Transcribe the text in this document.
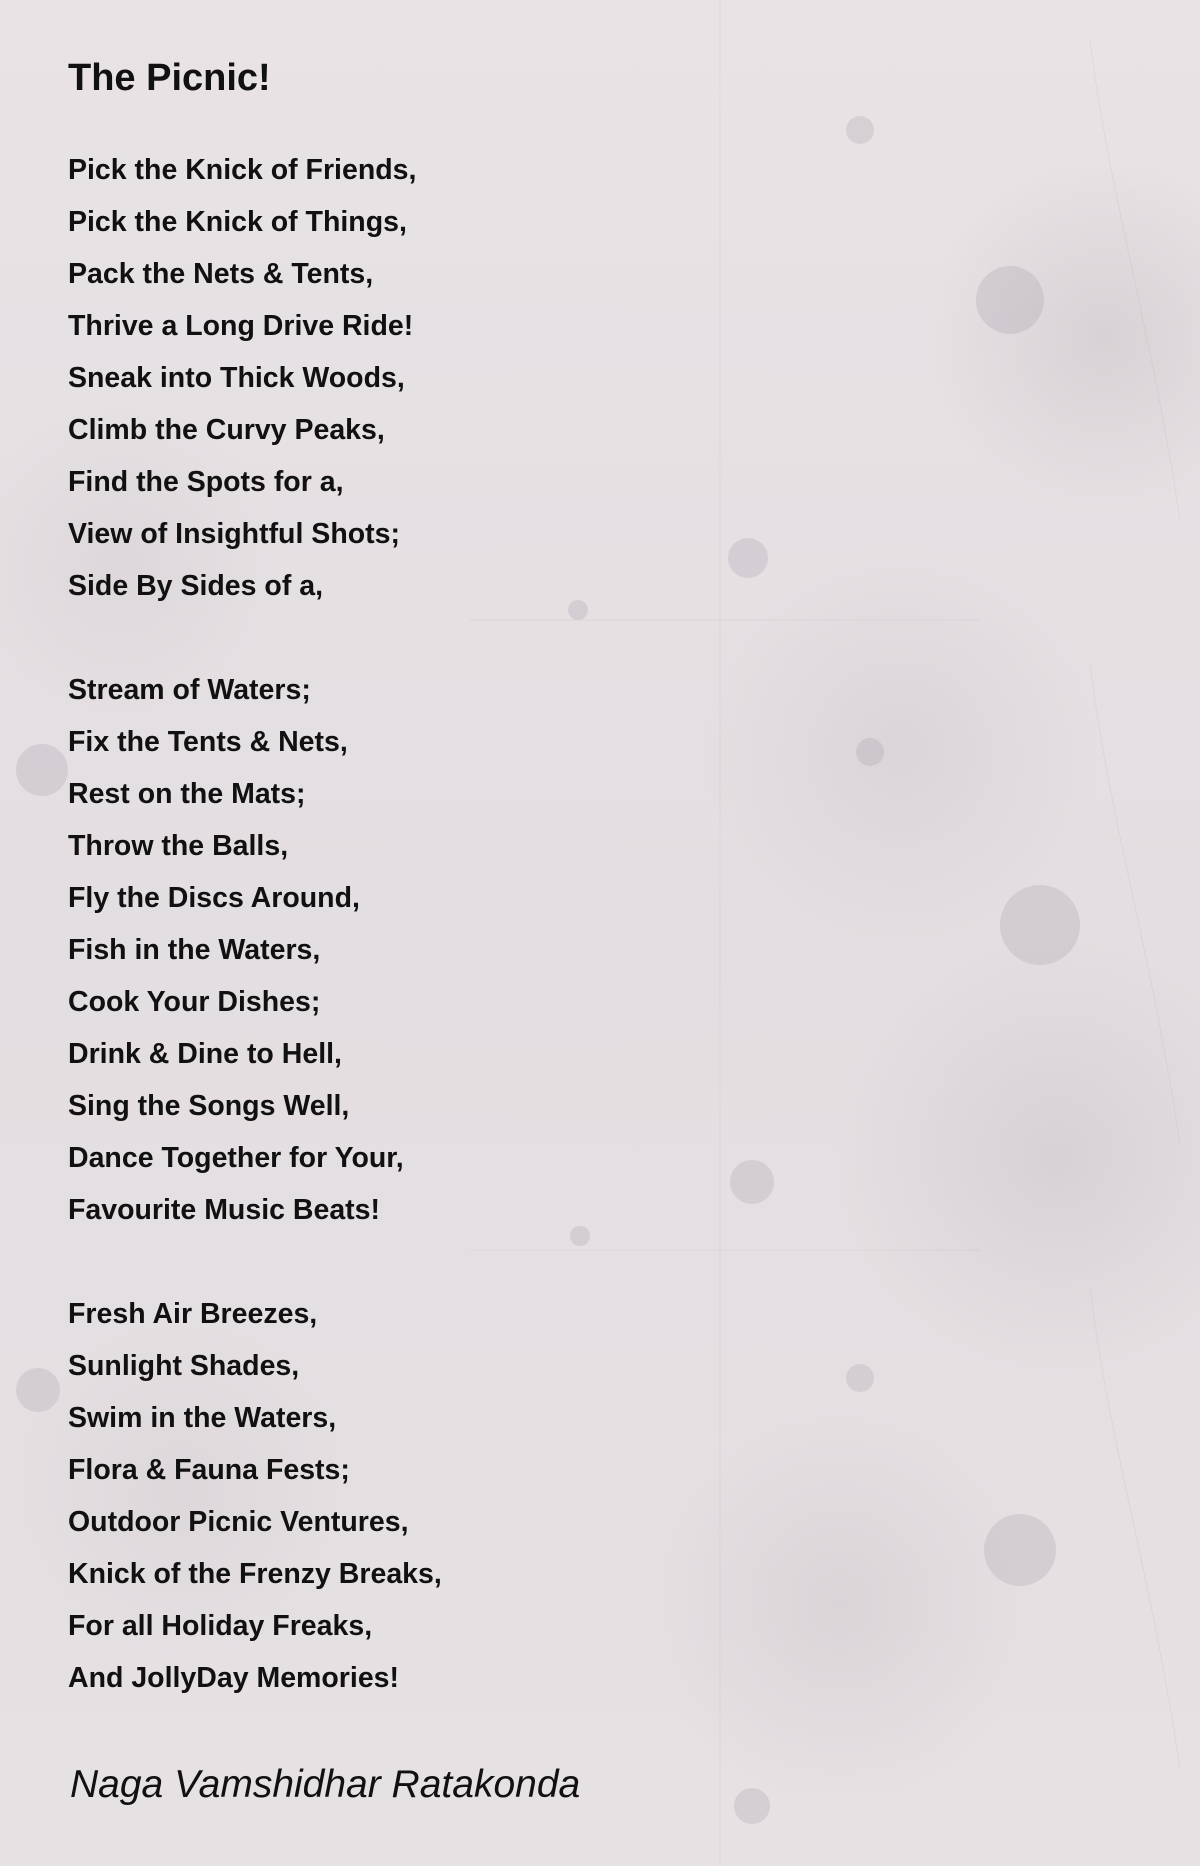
The Picnic!
Pick the Knick of Friends,
Pick the Knick of Things,
Pack the Nets & Tents,
Thrive a Long Drive Ride!
Sneak into Thick Woods,
Climb the Curvy Peaks,
Find the Spots for a,
View of Insightful Shots;
Side By Sides of a,
Stream of Waters;
Fix the Tents & Nets,
Rest on the Mats;
Throw the Balls,
Fly the Discs Around,
Fish in the Waters,
Cook Your Dishes;
Drink & Dine to Hell,
Sing the Songs Well,
Dance Together for Your,
Favourite Music Beats!
Fresh Air Breezes,
Sunlight Shades,
Swim in the Waters,
Flora & Fauna Fests;
Outdoor Picnic Ventures,
Knick of the Frenzy Breaks,
For all Holiday Freaks,
And JollyDay Memories!
Naga Vamshidhar Ratakonda
